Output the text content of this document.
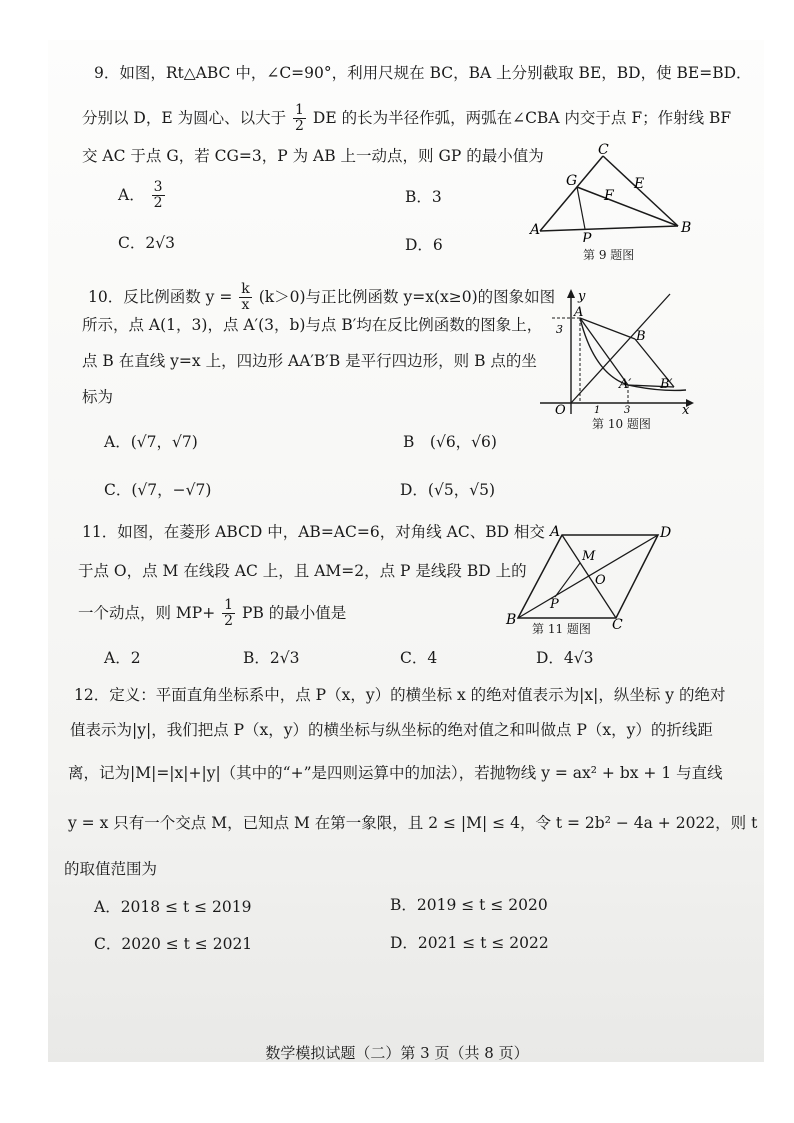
9．如图，Rt△ABC 中，∠C=90°，利用尺规在 BC，BA 上分别截取 BE，BD，使 BE=BD．
分别以 D，E 为圆心、以大于 $\frac{1}{2}$ DE 的长为半径作弧，两弧在∠CBA 内交于点 F；作射线 BF
交 AC 于点 G，若 CG=3，P 为 AB 上一动点，则 GP 的最小值为
A． $\frac{3}{2}$	B．3
C．2√3	D．6
C
G	E
F
A
P
B
第 9 题图
10．反比例函数 $y = \frac{k}{x} (k>0)$与正比例函数 y=x(x≥0)的图象如图
所示，点 A(1，3)，点 A′(3，b)与点 B′均在反比例函数的图象上，
点 B 在直线 y=x 上，四边形 AA′B′B 是平行四边形，则 B 点的坐
标为
A．(√7，√7)	B　(√6，√6)
C．(√7，−√7)	D．(√5，√5)
y
3
A
B
A′ B′
O	1 3	x
第 10 题图
11．如图，在菱形 ABCD 中，AB=AC=6，对角线 AC、BD 相交
于点 O，点 M 在线段 AC 上，且 AM=2，点 P 是线段 BD 上的
一个动点，则 $MP+ \frac{1}{2}$ PB 的最小值是
A．2	B．2√3	C．4	D．4√3
A	D
M
O
P
B	C
第 11 题图
12．定义：平面直角坐标系中，点 P（x，y）的横坐标 x 的绝对值表示为|x|，纵坐标 y 的绝对
值表示为|y|，我们把点 P（x，y）的横坐标与纵坐标的绝对值之和叫做点 P（x，y）的折线距
离，记为|M|=|x|+|y|（其中的“+”是四则运算中的加法），若抛物线 y = ax² + bx + 1 与直线
y = x 只有一个交点 M，已知点 M 在第一象限，且 2 ≤ |M| ≤ 4，令 t = 2b² − 4a + 2022，则 t
的取值范围为
A．2018 ≤ t ≤ 2019	B．2019 ≤ t ≤ 2020
C．2020 ≤ t ≤ 2021	D．2021 ≤ t ≤ 2022
数学模拟试题（二）第 3 页（共 8 页）
